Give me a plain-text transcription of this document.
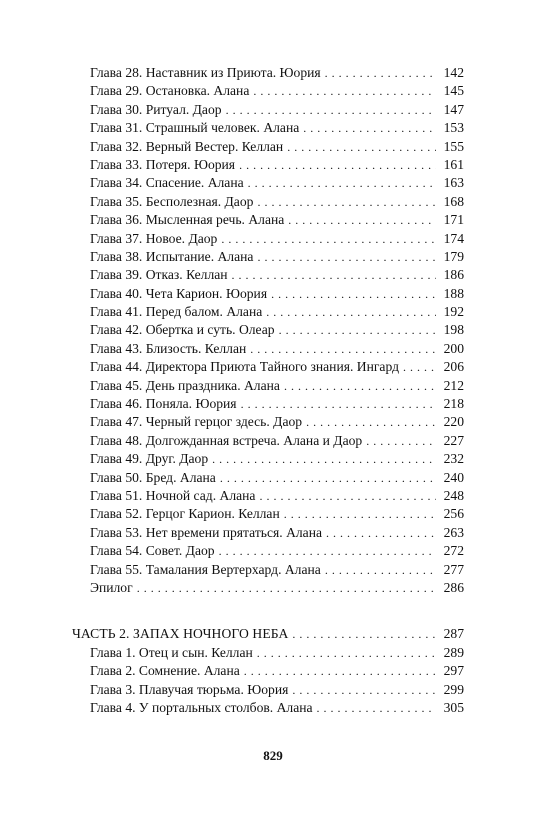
Глава 28. Наставник из Приюта. Юория . . .	142
Глава 29. Остановка. Алана . . .	145
Глава 30. Ритуал. Даор . . .	147
Глава 31. Страшный человек. Алана . . .	153
Глава 32. Верный Вестер. Келлан . . .	155
Глава 33. Потеря. Юория . . .	161
Глава 34. Спасение. Алана . . .	163
Глава 35. Бесполезная. Даор . . .	168
Глава 36. Мысленная речь. Алана . . .	171
Глава 37. Новое. Даор . . .	174
Глава 38. Испытание. Алана . . .	179
Глава 39. Отказ. Келлан . . .	186
Глава 40. Чета Карион. Юория . . .	188
Глава 41. Перед балом. Алана . . .	192
Глава 42. Обертка и суть. Олеар . . .	198
Глава 43. Близость. Келлан . . .	200
Глава 44. Директора Приюта Тайного знания. Ингард . . .	206
Глава 45. День праздника. Алана . . .	212
Глава 46. Поняла. Юория . . .	218
Глава 47. Черный герцог здесь. Даор . . .	220
Глава 48. Долгожданная встреча. Алана и Даор . . .	227
Глава 49. Друг. Даор . . .	232
Глава 50. Бред. Алана . . .	240
Глава 51. Ночной сад. Алана . . .	248
Глава 52. Герцог Карион. Келлан . . .	256
Глава 53. Нет времени прятаться. Алана . . .	263
Глава 54. Совет. Даор . . .	272
Глава 55. Тамалания Вертерхард. Алана . . .	277
Эпилог . . .	286
ЧАСТЬ 2. ЗАПАХ НОЧНОГО НЕБА . . .	287
Глава 1. Отец и сын. Келлан . . .	289
Глава 2. Сомнение. Алана . . .	297
Глава 3. Плавучая тюрьма. Юория . . .	299
Глава 4. У портальных столбов. Алана . . .	305
829
